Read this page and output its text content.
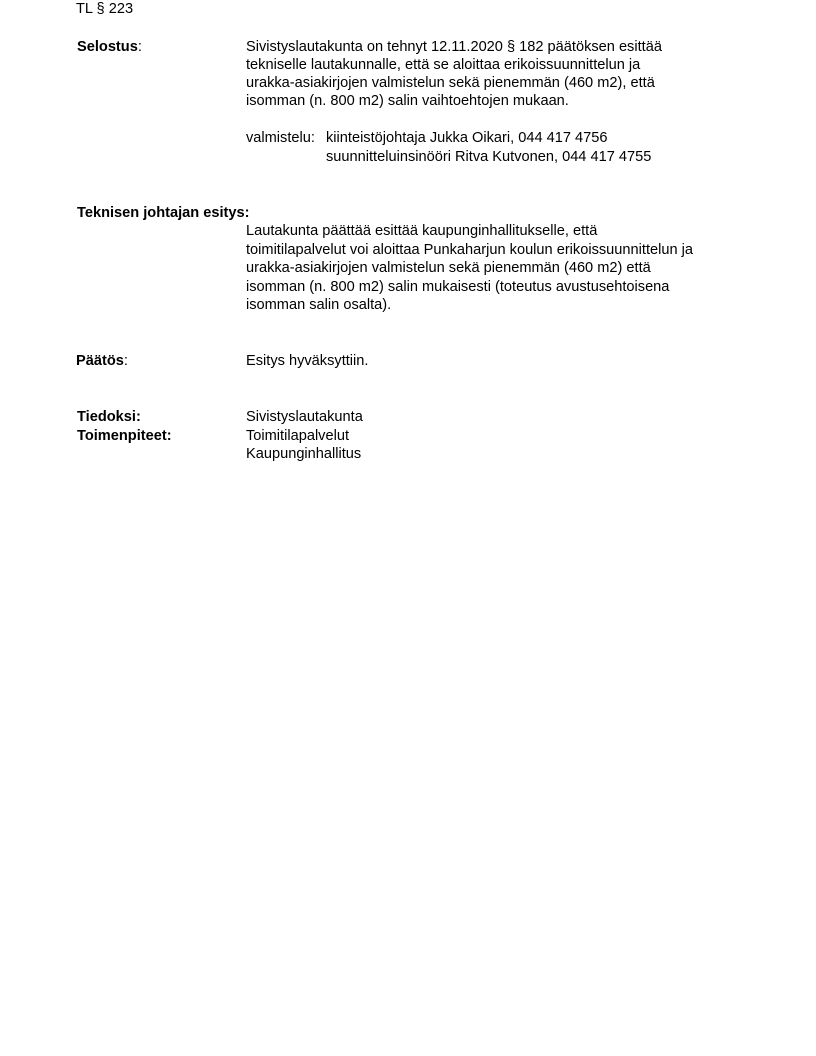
TL § 223
Selostus:	Sivistyslautakunta on tehnyt 12.11.2020 § 182 päätöksen esittää
tekniselle lautakunnalle, että se aloittaa erikoissuunnittelun ja
urakka-asiakirjojen valmistelun sekä pienemmän (460 m2), että
isomman (n. 800 m2) salin vaihtoehtojen mukaan.
valmistelu: kiinteistöjohtaja Jukka Oikari, 044 417 4756
suunnitteluinsinööri Ritva Kutvonen, 044 417 4755
Teknisen johtajan esitys:
Lautakunta päättää esittää kaupunginhallitukselle, että
toimitilapalvelut voi aloittaa Punkaharjun koulun erikoissuunnittelun ja
urakka-asiakirjojen valmistelun sekä pienemmän (460 m2) että
isomman (n. 800 m2) salin mukaisesti (toteutus avustusehtoisena
isomman salin osalta).
Päätös:	Esitys hyväksyttiin.
Tiedoksi:	Sivistyslautakunta
Toimenpiteet:	Toimitilapalvelut
Kaupunginhallitus
